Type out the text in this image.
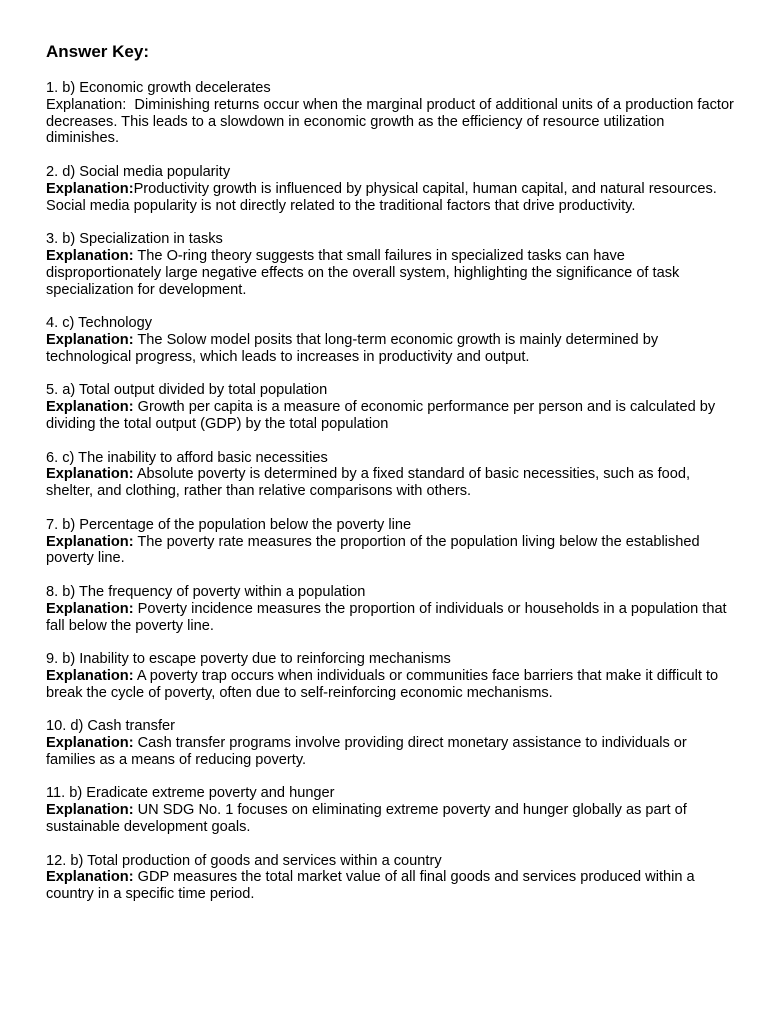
Answer Key:
1. b) Economic growth decelerates
Explanation:  Diminishing returns occur when the marginal product of additional units of a production factor decreases. This leads to a slowdown in economic growth as the efficiency of resource utilization diminishes.
2. d) Social media popularity
Explanation:Productivity growth is influenced by physical capital, human capital, and natural resources. Social media popularity is not directly related to the traditional factors that drive productivity.
3. b) Specialization in tasks
Explanation: The O-ring theory suggests that small failures in specialized tasks can have disproportionately large negative effects on the overall system, highlighting the significance of task specialization for development.
4. c) Technology
Explanation: The Solow model posits that long-term economic growth is mainly determined by technological progress, which leads to increases in productivity and output.
5. a) Total output divided by total population
Explanation: Growth per capita is a measure of economic performance per person and is calculated by dividing the total output (GDP) by the total population
6. c) The inability to afford basic necessities
Explanation: Absolute poverty is determined by a fixed standard of basic necessities, such as food, shelter, and clothing, rather than relative comparisons with others.
7. b) Percentage of the population below the poverty line
Explanation: The poverty rate measures the proportion of the population living below the established poverty line.
8. b) The frequency of poverty within a population
Explanation: Poverty incidence measures the proportion of individuals or households in a population that fall below the poverty line.
9. b) Inability to escape poverty due to reinforcing mechanisms
Explanation: A poverty trap occurs when individuals or communities face barriers that make it difficult to break the cycle of poverty, often due to self-reinforcing economic mechanisms.
10. d) Cash transfer
Explanation: Cash transfer programs involve providing direct monetary assistance to individuals or families as a means of reducing poverty.
11. b) Eradicate extreme poverty and hunger
Explanation: UN SDG No. 1 focuses on eliminating extreme poverty and hunger globally as part of sustainable development goals.
12. b) Total production of goods and services within a country
Explanation: GDP measures the total market value of all final goods and services produced within a country in a specific time period.
